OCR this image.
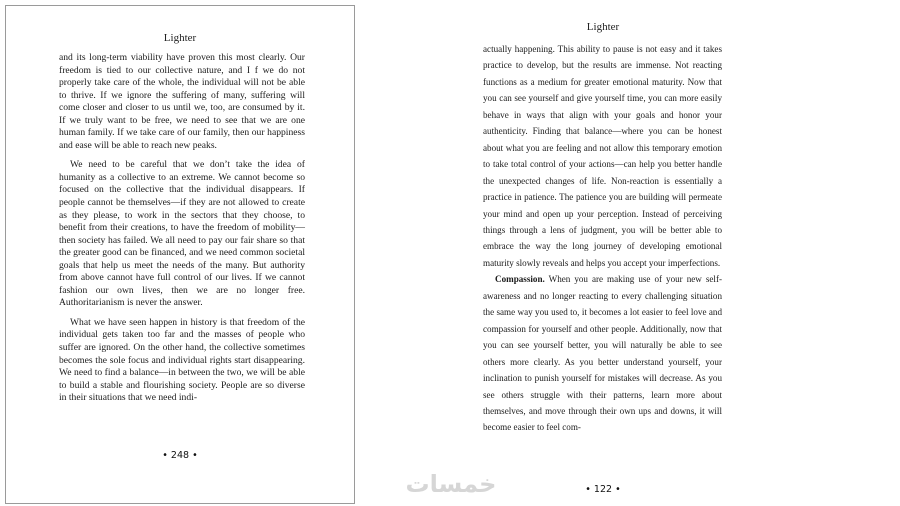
Lighter

and its long-term viability have proven this most clearly. Our freedom is tied to our collective nature, and I f we do not properly take care of the whole, the individual will not be able to thrive. If we ignore the suffering of many, suffering will come closer and closer to us until we, too, are consumed by it. If we truly want to be free, we need to see that we are one human family. If we take care of our family, then our happiness and ease will be able to reach new peaks.

We need to be careful that we don’t take the idea of humanity as a collective to an extreme. We cannot become so focused on the collective that the individual disappears. If people cannot be themselves—if they are not allowed to create as they please, to work in the sectors that they choose, to benefit from their creations, to have the freedom of mobility—then society has failed. We all need to pay our fair share so that the greater good can be financed, and we need common societal goals that help us meet the needs of the many. But authority from above cannot have full control of our lives. If we cannot fashion our own lives, then we are no longer free. Authoritarianism is never the answer.

What we have seen happen in history is that freedom of the individual gets taken too far and the masses of people who suffer are ignored. On the other hand, the collective sometimes becomes the sole focus and individual rights start disappearing. We need to find a balance—in between the two, we will be able to build a stable and flourishing society. People are so diverse in their situations that we need indi-

• 248 •
Lighter

actually happening. This ability to pause is not easy and it takes practice to develop, but the results are immense. Not reacting functions as a medium for greater emotional maturity. Now that you can see yourself and give yourself time, you can more easily behave in ways that align with your goals and honor your authenticity. Finding that balance—where you can be honest about what you are feeling and not allow this temporary emotion to take total control of your actions—can help you better handle the unexpected changes of life. Non-reaction is essentially a practice in patience. The patience you are building will permeate your mind and open up your perception. Instead of perceiving things through a lens of judgment, you will be better able to embrace the way the long journey of developing emotional maturity slowly reveals and helps you accept your imperfections.

Compassion. When you are making use of your new self-awareness and no longer reacting to every challenging situation the same way you used to, it becomes a lot easier to feel love and compassion for yourself and other people. Additionally, now that you can see yourself better, you will naturally be able to see others more clearly. As you better understand yourself, your inclination to punish yourself for mistakes will decrease. As you see others struggle with their patterns, learn more about themselves, and move through their own ups and downs, it will become easier to feel com-

• 122 •
خمسات
